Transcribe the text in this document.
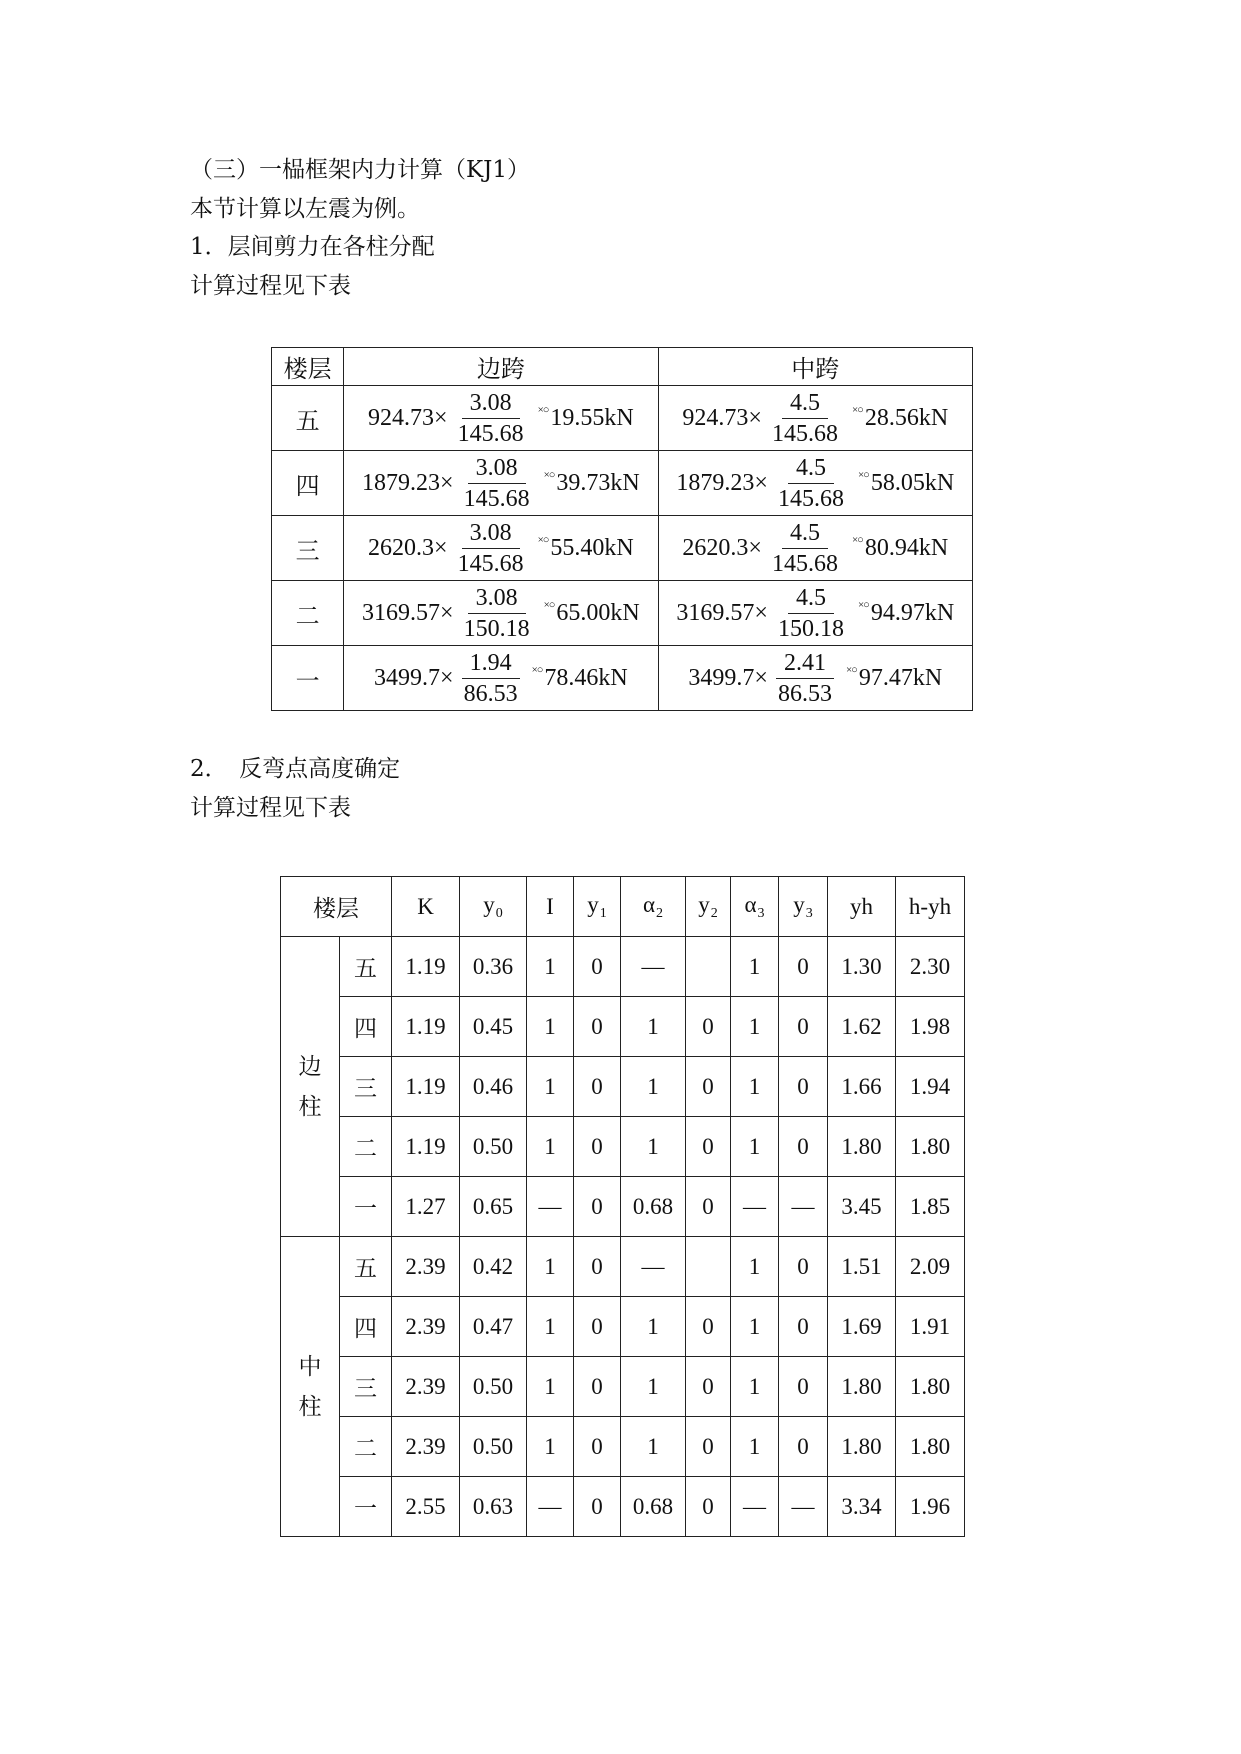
（三）一榀框架内力计算（KJ1）
本节计算以左震为例。
1．层间剪力在各柱分配
计算过程见下表
楼层	边跨	中跨
五	$924.73\times \frac{3.08}{145.68}$ ×○ 19.55kN	$924.73\times \frac{4.5}{145.68}$ ×○ 28.56kN

四	$1879.23\times \frac{3.08}{145.68}$ ×○ 39.73kN	$1879.23\times \frac{4.5}{145.68}$ ×○ 58.05kN

三	$2620.3\times \frac{3.08}{145.68}$ ×○ 55.40kN	$2620.3\times \frac{4.5}{145.68}$ ×○ 80.94kN

二	$3169.57\times \frac{3.08}{150.18}$ ×○ 65.00kN	$3169.57\times \frac{4.5}{150.18}$ ×○ 94.97kN

一	$3499.7\times \frac{1.94}{86.53}$ ×○ 78.46kN	$3499.7\times \frac{2.41}{86.53}$ ×○ 97.47kN
2．　反弯点高度确定
计算过程见下表
楼层		K	$y_0$	I	$y_1$	$\alpha_2$	$y_2$	$\alpha_3$	$y_3$	yh	h-yh
边
柱	五	1.19	0.36	1	0	—		1	0	1.30	2.30
	四	1.19	0.45	1	0	1	0	1	0	1.62	1.98
	三	1.19	0.46	1	0	1	0	1	0	1.66	1.94
	二	1.19	0.50	1	0	1	0	1	0	1.80	1.80
	一	1.27	0.65	—	0	0.68	0	—	—	3.45	1.85
中
柱	五	2.39	0.42	1	0	—		1	0	1.51	2.09
	四	2.39	0.47	1	0	1	0	1	0	1.69	1.91
	三	2.39	0.50	1	0	1	0	1	0	1.80	1.80
	二	2.39	0.50	1	0	1	0	1	0	1.80	1.80
	一	2.55	0.63	—	0	0.68	0	—	—	3.34	1.96
